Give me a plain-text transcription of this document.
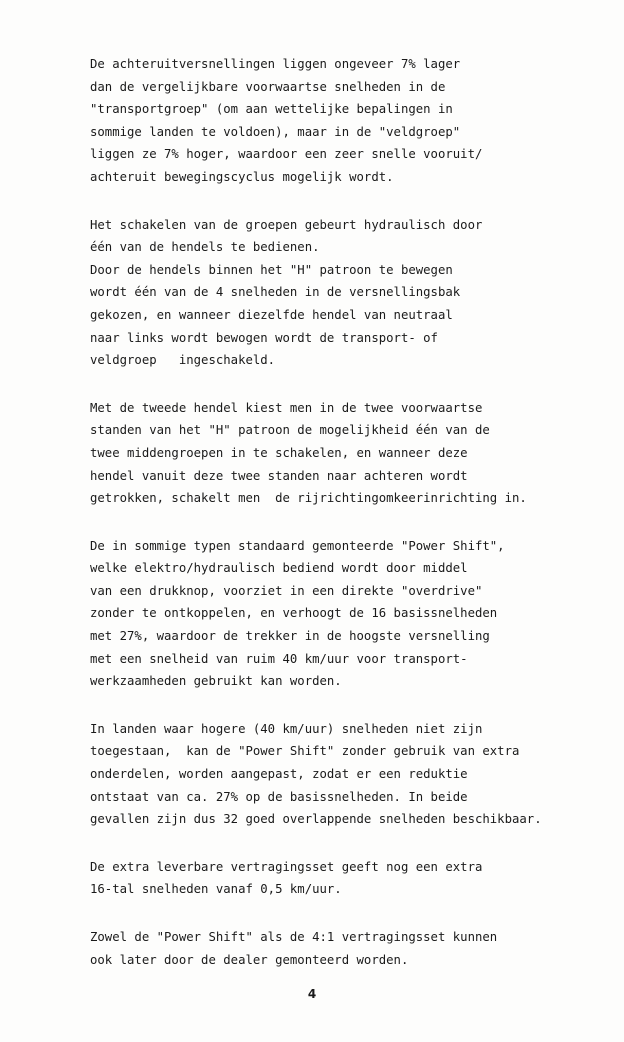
De achteruitversnellingen liggen ongeveer 7% lager
dan de vergelijkbare voorwaartse snelheden in de
"transportgroep" (om aan wettelijke bepalingen in
sommige landen te voldoen), maar in de "veldgroep"
liggen ze 7% hoger, waardoor een zeer snelle vooruit/
achteruit bewegingscyclus mogelijk wordt.

Het schakelen van de groepen gebeurt hydraulisch door
één van de hendels te bedienen.
Door de hendels binnen het "H" patroon te bewegen
wordt één van de 4 snelheden in de versnellingsbak
gekozen, en wanneer diezelfde hendel van neutraal
naar links wordt bewogen wordt de transport- of
veldgroep   ingeschakeld.

Met de tweede hendel kiest men in de twee voorwaartse
standen van het "H" patroon de mogelijkheid één van de
twee middengroepen in te schakelen, en wanneer deze
hendel vanuit deze twee standen naar achteren wordt
getrokken, schakelt men  de rijrichtingomkeerinrichting in.

De in sommige typen standaard gemonteerde "Power Shift",
welke elektro/hydraulisch bediend wordt door middel
van een drukknop, voorziet in een direkte "overdrive"
zonder te ontkoppelen, en verhoogt de 16 basissnelheden
met 27%, waardoor de trekker in de hoogste versnelling
met een snelheid van ruim 40 km/uur voor transport-
werkzaamheden gebruikt kan worden.

In landen waar hogere (40 km/uur) snelheden niet zijn
toegestaan,  kan de "Power Shift" zonder gebruik van extra
onderdelen, worden aangepast, zodat er een reduktie
ontstaat van ca. 27% op de basissnelheden. In beide
gevallen zijn dus 32 goed overlappende snelheden beschikbaar.

De extra leverbare vertragingsset geeft nog een extra
16-tal snelheden vanaf 0,5 km/uur.

Zowel de "Power Shift" als de 4:1 vertragingsset kunnen
ook later door de dealer gemonteerd worden.

4
